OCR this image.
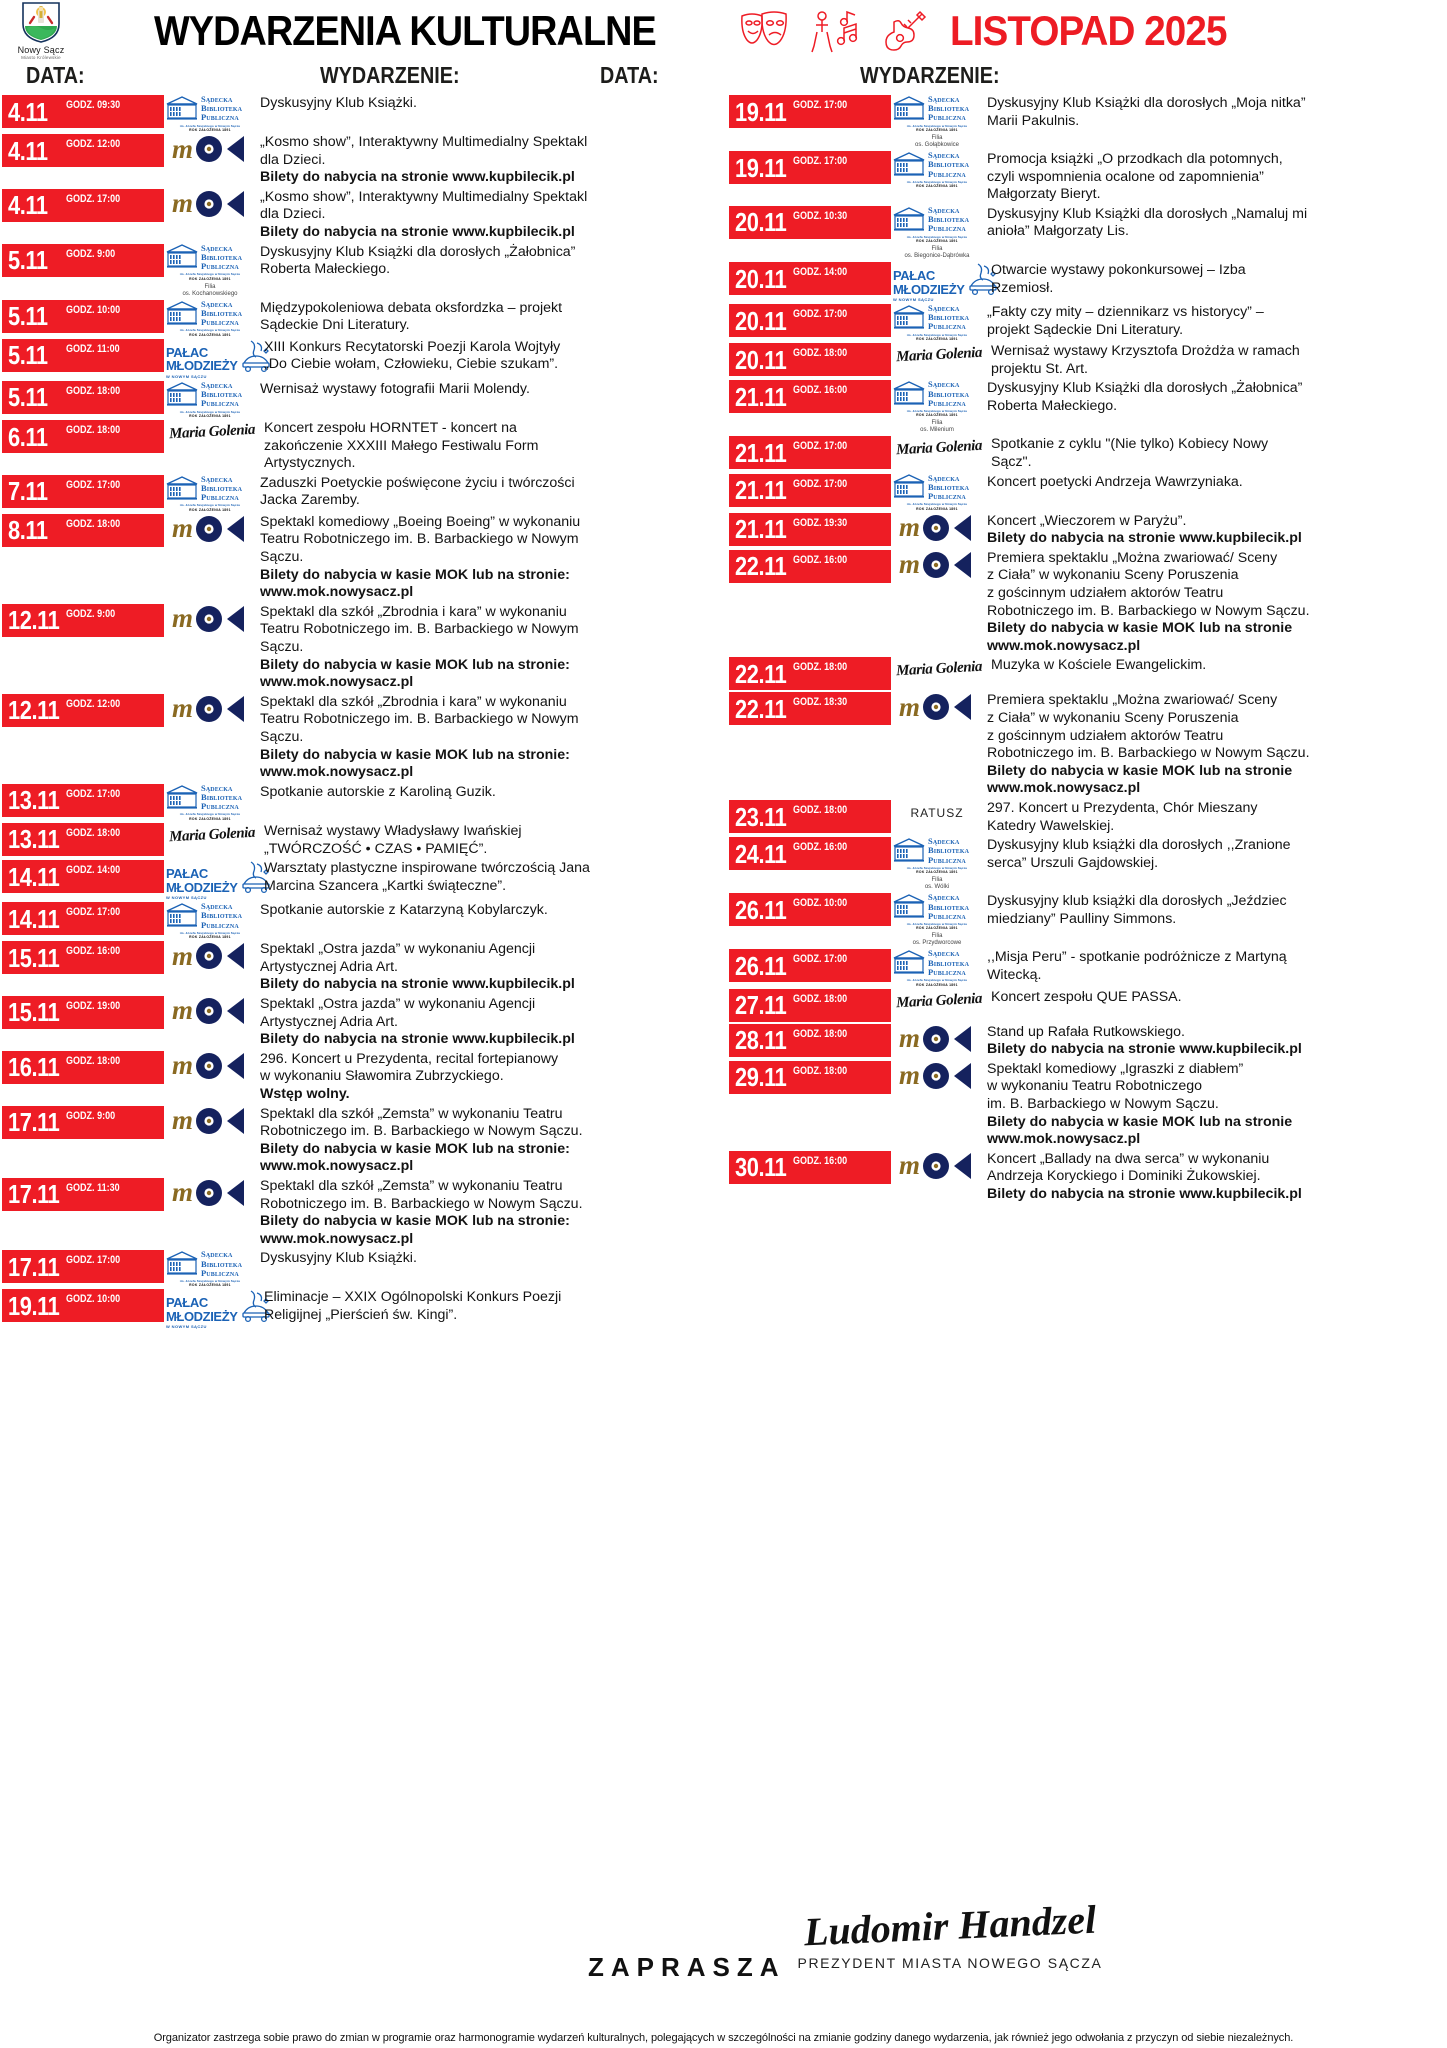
Nowy Sącz
Miasto Królewskie
WYDARZENIA KULTURALNE	LISTOPAD 2025
DATA:	WYDARZENIE:	DATA:	WYDARZENIE:
4.11 GODZ. 09:30	Sądecka
Biblioteka
Publiczna
im. Józefa Szujskiego w Nowym Sączu
ROK ZAŁOŻENIA 1891
Dyskusyjny Klub Książki.
4.11 GODZ. 12:00 m	„Kosmo show”, Interaktywny Multimedialny Spektakl
dla Dzieci.
Bilety do nabycia na stronie www.kupbilecik.pl
4.11 GODZ. 17:00 m	„Kosmo show”, Interaktywny Multimedialny Spektakl
dla Dzieci.
Bilety do nabycia na stronie www.kupbilecik.pl
5.11 GODZ. 9:00	Sądecka
Biblioteka
Publiczna
im. Józefa Szujskiego w Nowym Sączu
ROK ZAŁOŻENIA 1891
Filia
os. Kochanowskiego
Dyskusyjny Klub Książki dla dorosłych „Żałobnica”
Roberta Małeckiego.
5.11 GODZ. 10:00	Sądecka
Biblioteka
Publiczna
im. Józefa Szujskiego w Nowym Sączu
ROK ZAŁOŻENIA 1891
Międzypokoleniowa debata oksfordzka – projekt
Sądeckie Dni Literatury.
5.11 GODZ. 11:00	PAŁAC
MŁODZIEŻY
W NOWYM SĄCZU
XIII Konkurs Recytatorski Poezji Karola Wojtyły
„Do Ciebie wołam, Człowieku, Ciebie szukam”.
5.11 GODZ. 18:00	Sądecka
Biblioteka
Publiczna
im. Józefa Szujskiego w Nowym Sączu
ROK ZAŁOŻENIA 1891
Wernisaż wystawy fotografii Marii Molendy.
6.11 GODZ. 18:00	Maria Golenia Koncert zespołu HORNTET - koncert na
zakończenie XXXIII Małego Festiwalu Form
Artystycznych.
7.11 GODZ. 17:00	Sądecka
Biblioteka
Publiczna
im. Józefa Szujskiego w Nowym Sączu
ROK ZAŁOŻENIA 1891
Zaduszki Poetyckie poświęcone życiu i twórczości
Jacka Zaremby.
8.11 GODZ. 18:00 m	Spektakl komediowy „Boeing Boeing” w wykonaniu
Teatru Robotniczego im. B. Barbackiego w Nowym
Sączu.
Bilety do nabycia w kasie MOK lub na stronie:
www.mok.nowysacz.pl
12.11 GODZ. 9:00 m	Spektakl dla szkół „Zbrodnia i kara” w wykonaniu
Teatru Robotniczego im. B. Barbackiego w Nowym
Sączu.
Bilety do nabycia w kasie MOK lub na stronie:
www.mok.nowysacz.pl
12.11 GODZ. 12:00 m	Spektakl dla szkół „Zbrodnia i kara” w wykonaniu
Teatru Robotniczego im. B. Barbackiego w Nowym
Sączu.
Bilety do nabycia w kasie MOK lub na stronie:
www.mok.nowysacz.pl
13.11 GODZ. 17:00	Sądecka
Biblioteka
Publiczna
im. Józefa Szujskiego w Nowym Sączu
ROK ZAŁOŻENIA 1891
Spotkanie autorskie z Karoliną Guzik.
13.11 GODZ. 18:00	Maria Golenia Wernisaż wystawy Władysławy Iwańskiej
„TWÓRCZOŚĆ • CZAS • PAMIĘĆ”.
14.11 GODZ. 14:00	PAŁAC
MŁODZIEŻY
W NOWYM SĄCZU
Warsztaty plastyczne inspirowane twórczością Jana
Marcina Szancera „Kartki świąteczne”.
14.11 GODZ. 17:00	Sądecka
Biblioteka
Publiczna
im. Józefa Szujskiego w Nowym Sączu
ROK ZAŁOŻENIA 1891
Spotkanie autorskie z Katarzyną Kobylarczyk.
15.11 GODZ. 16:00 m	Spektakl „Ostra jazda” w wykonaniu Agencji
Artystycznej Adria Art.
Bilety do nabycia na stronie www.kupbilecik.pl
15.11 GODZ. 19:00 m	Spektakl „Ostra jazda” w wykonaniu Agencji
Artystycznej Adria Art.
Bilety do nabycia na stronie www.kupbilecik.pl
16.11 GODZ. 18:00 m	296. Koncert u Prezydenta, recital fortepianowy
w wykonaniu Sławomira Zubrzyckiego.
Wstęp wolny.
17.11 GODZ. 9:00 m	Spektakl dla szkół „Zemsta” w wykonaniu Teatru
Robotniczego im. B. Barbackiego w Nowym Sączu.
Bilety do nabycia w kasie MOK lub na stronie:
www.mok.nowysacz.pl
17.11 GODZ. 11:30 m	Spektakl dla szkół „Zemsta” w wykonaniu Teatru
Robotniczego im. B. Barbackiego w Nowym Sączu.
Bilety do nabycia w kasie MOK lub na stronie:
www.mok.nowysacz.pl
17.11 GODZ. 17:00	Sądecka
Biblioteka
Publiczna
im. Józefa Szujskiego w Nowym Sączu
ROK ZAŁOŻENIA 1891
Dyskusyjny Klub Książki.
19.11 GODZ. 10:00	PAŁAC
MŁODZIEŻY
W NOWYM SĄCZU
Eliminacje – XXIX Ogólnopolski Konkurs Poezji
Religijnej „Pierścień św. Kingi”.
19.11 GODZ. 17:00	Sądecka
Biblioteka
Publiczna
im. Józefa Szujskiego w Nowym Sączu
ROK ZAŁOŻENIA 1891
Filia
os. Gołąbkowice
Dyskusyjny Klub Książki dla dorosłych „Moja nitka”
Marii Pakulnis.
19.11 GODZ. 17:00	Sądecka
Biblioteka
Publiczna
im. Józefa Szujskiego w Nowym Sączu
ROK ZAŁOŻENIA 1891
Promocja książki „O przodkach dla potomnych,
czyli wspomnienia ocalone od zapomnienia”
Małgorzaty Bieryt.
20.11 GODZ. 10:30	Sądecka
Biblioteka
Publiczna
im. Józefa Szujskiego w Nowym Sączu
ROK ZAŁOŻENIA 1891
Filia
os. Biegonice-Dąbrówka
Dyskusyjny Klub Książki dla dorosłych „Namaluj mi
anioła” Małgorzaty Lis.
20.11 GODZ. 14:00	PAŁAC
MŁODZIEŻY
W NOWYM SĄCZU
Otwarcie wystawy pokonkursowej – Izba
Rzemiosł.
20.11 GODZ. 17:00	Sądecka
Biblioteka
Publiczna
im. Józefa Szujskiego w Nowym Sączu
ROK ZAŁOŻENIA 1891
„Fakty czy mity – dziennikarz vs historycy” –
projekt Sądeckie Dni Literatury.
20.11 GODZ. 18:00	Maria Golenia Wernisaż wystawy Krzysztofa Drożdża w ramach
projektu St. Art.
21.11 GODZ. 16:00	Sądecka
Biblioteka
Publiczna
im. Józefa Szujskiego w Nowym Sączu
ROK ZAŁOŻENIA 1891
Filia
os. Milenium
Dyskusyjny Klub Książki dla dorosłych „Żałobnica”
Roberta Małeckiego.
21.11 GODZ. 17:00	Maria Golenia Spotkanie z cyklu "(Nie tylko) Kobiecy Nowy
Sącz".
21.11 GODZ. 17:00	Sądecka
Biblioteka
Publiczna
im. Józefa Szujskiego w Nowym Sączu
ROK ZAŁOŻENIA 1891
Koncert poetycki Andrzeja Wawrzyniaka.
21.11 GODZ. 19:30 m	Koncert „Wieczorem w Paryżu”.
Bilety do nabycia na stronie www.kupbilecik.pl
22.11 GODZ. 16:00 m	Premiera spektaklu „Można zwariować/ Sceny
z Ciała” w wykonaniu Sceny Poruszenia
z gościnnym udziałem aktorów Teatru
Robotniczego im. B. Barbackiego w Nowym Sączu.
Bilety do nabycia w kasie MOK lub na stronie
www.mok.nowysacz.pl
22.11 GODZ. 18:00	Maria Golenia Muzyka w Kościele Ewangelickim.
22.11 GODZ. 18:30 m	Premiera spektaklu „Można zwariować/ Sceny
z Ciała” w wykonaniu Sceny Poruszenia
z gościnnym udziałem aktorów Teatru
Robotniczego im. B. Barbackiego w Nowym Sączu.
Bilety do nabycia w kasie MOK lub na stronie
www.mok.nowysacz.pl
23.11 GODZ. 18:00	RATUSZ	297. Koncert u Prezydenta, Chór Mieszany
Katedry Wawelskiej.
24.11 GODZ. 16:00	Sądecka
Biblioteka
Publiczna
im. Józefa Szujskiego w Nowym Sączu
ROK ZAŁOŻENIA 1891
Filia
os. Wólki
Dyskusyjny klub książki dla dorosłych ,,Zranione
serca” Urszuli Gajdowskiej.
26.11 GODZ. 10:00	Sądecka
Biblioteka
Publiczna
im. Józefa Szujskiego w Nowym Sączu
ROK ZAŁOŻENIA 1891
Filia
os. Przydworcowe
Dyskusyjny klub książki dla dorosłych „Jeździec
miedziany” Paulliny Simmons.
26.11 GODZ. 17:00	Sądecka
Biblioteka
Publiczna
im. Józefa Szujskiego w Nowym Sączu
ROK ZAŁOŻENIA 1891
,,Misja Peru” - spotkanie podróżnicze z Martyną
Witecką.
27.11 GODZ. 18:00	Maria Golenia Koncert zespołu QUE PASSA.
28.11 GODZ. 18:00 m	Stand up Rafała Rutkowskiego.
Bilety do nabycia na stronie www.kupbilecik.pl
29.11 GODZ. 18:00 m	Spektakl komediowy „Igraszki z diabłem”
w wykonaniu Teatru Robotniczego
im. B. Barbackiego w Nowym Sączu.
Bilety do nabycia w kasie MOK lub na stronie
www.mok.nowysacz.pl
30.11 GODZ. 16:00 m	Koncert „Ballady na dwa serca” w wykonaniu
Andrzeja Koryckiego i Dominiki Żukowskiej.
Bilety do nabycia na stronie www.kupbilecik.pl
ZAPRASZA
Ludomir Handzel
PREZYDENT MIASTA NOWEGO SĄCZA
Organizator zastrzega sobie prawo do zmian w programie oraz harmonogramie wydarzeń kulturalnych, polegających w szczególności na zmianie godziny danego wydarzenia, jak również jego odwołania z przyczyn od siebie niezależnych.
